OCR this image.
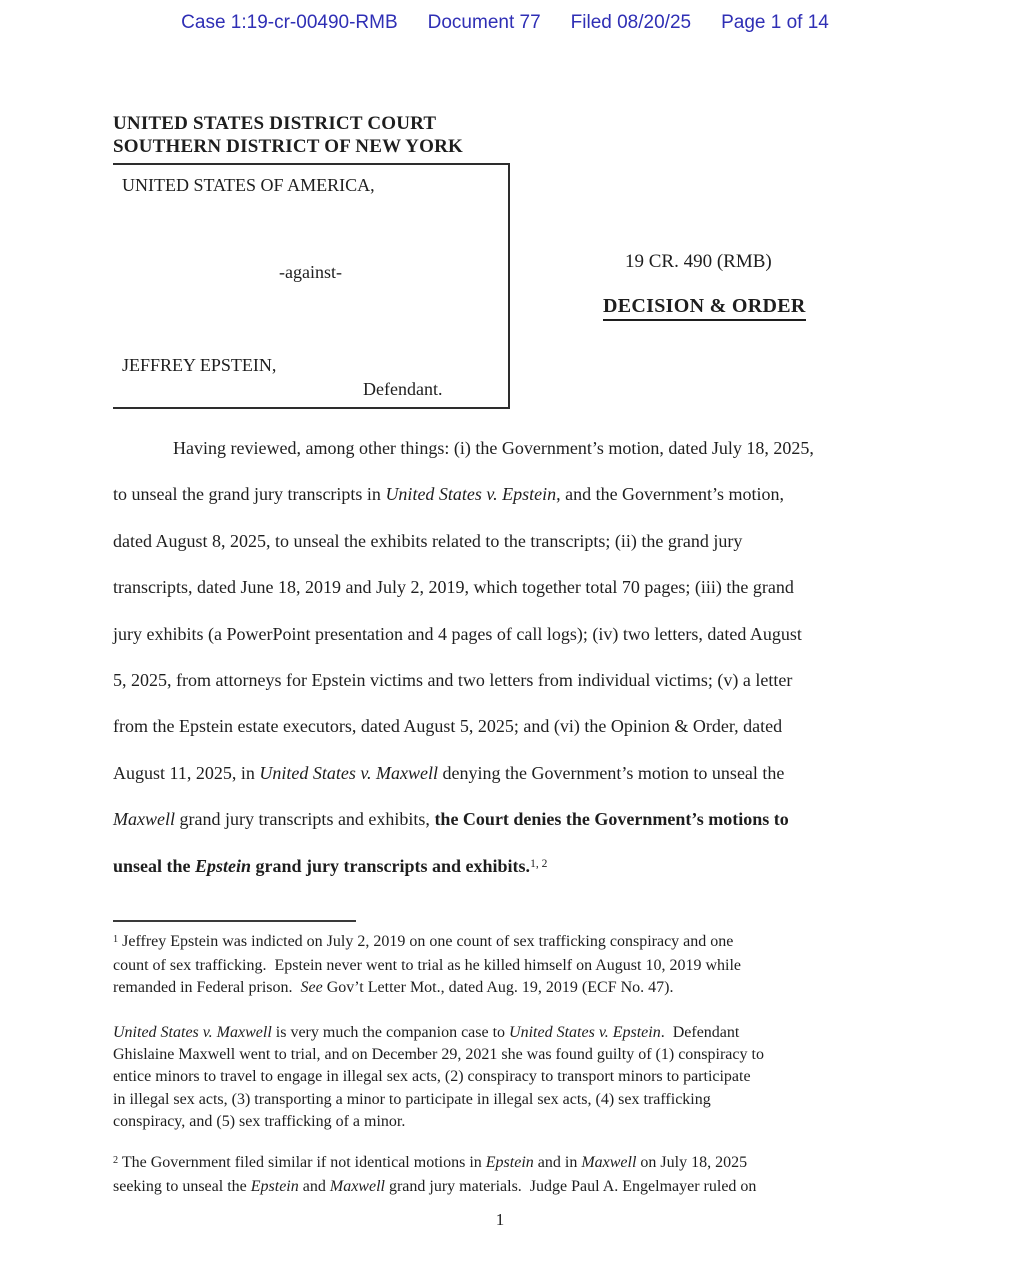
Case 1:19-cr-00490-RMB Document 77 Filed 08/20/25 Page 1 of 14
UNITED STATES DISTRICT COURT
SOUTHERN DISTRICT OF NEW YORK
UNITED STATES OF AMERICA,
-against-
JEFFREY EPSTEIN,
Defendant.
19 CR. 490 (RMB)
DECISION & ORDER
Having reviewed, among other things: (i) the Government’s motion, dated July 18, 2025,
to unseal the grand jury transcripts in United States v. Epstein, and the Government’s motion,
dated August 8, 2025, to unseal the exhibits related to the transcripts; (ii) the grand jury
transcripts, dated June 18, 2019 and July 2, 2019, which together total 70 pages; (iii) the grand
jury exhibits (a PowerPoint presentation and 4 pages of call logs); (iv) two letters, dated August
5, 2025, from attorneys for Epstein victims and two letters from individual victims; (v) a letter
from the Epstein estate executors, dated August 5, 2025; and (vi) the Opinion & Order, dated
August 11, 2025, in United States v. Maxwell denying the Government’s motion to unseal the
Maxwell grand jury transcripts and exhibits, the Court denies the Government’s motions to
unseal the Epstein grand jury transcripts and exhibits.$^{1, 2}$
$^1$ Jeffrey Epstein was indicted on July 2, 2019 on one count of sex trafficking conspiracy and one
count of sex trafficking.  Epstein never went to trial as he killed himself on August 10, 2019 while
remanded in Federal prison.  See Gov’t Letter Mot., dated Aug. 19, 2019 (ECF No. 47).
United States v. Maxwell is very much the companion case to United States v. Epstein.  Defendant
Ghislaine Maxwell went to trial, and on December 29, 2021 she was found guilty of (1) conspiracy to
entice minors to travel to engage in illegal sex acts, (2) conspiracy to transport minors to participate
in illegal sex acts, (3) transporting a minor to participate in illegal sex acts, (4) sex trafficking
conspiracy, and (5) sex trafficking of a minor.
$^2$ The Government filed similar if not identical motions in Epstein and in Maxwell on July 18, 2025
seeking to unseal the Epstein and Maxwell grand jury materials.  Judge Paul A. Engelmayer ruled on
1
